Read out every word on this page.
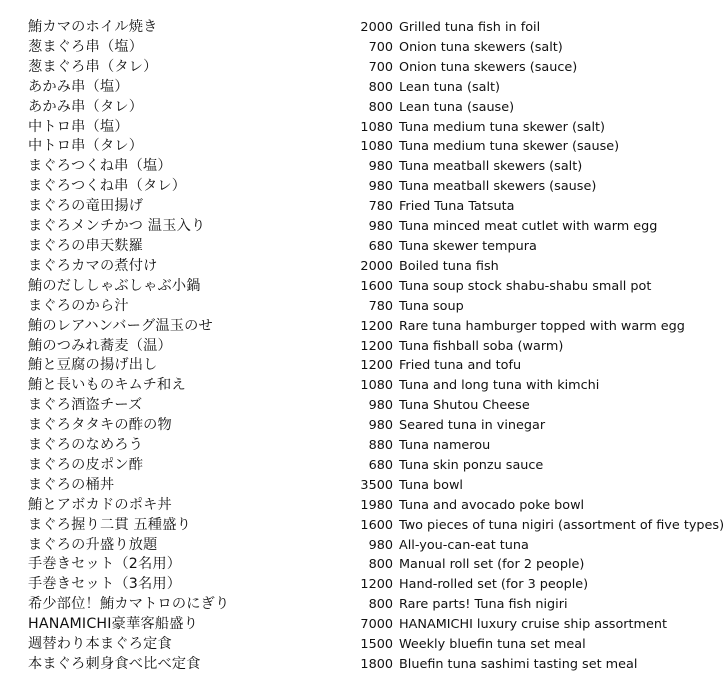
鮪カマのホイル焼き	2000 Grilled tuna fish in foil
葱まぐろ串（塩）	700 Onion tuna skewers (salt)
葱まぐろ串（タレ）	700 Onion tuna skewers (sauce)
あかみ串（塩）	800 Lean tuna (salt)
あかみ串（タレ）	800 Lean tuna (sause)
中トロ串（塩）	1080 Tuna medium tuna skewer (salt)
中トロ串（タレ）	1080 Tuna medium tuna skewer (sause)
まぐろつくね串（塩）	980 Tuna meatball skewers (salt)
まぐろつくね串（タレ）	980 Tuna meatball skewers (sause)
まぐろの竜田揚げ	780 Fried Tuna Tatsuta
まぐろメンチかつ 温玉入り	980 Tuna minced meat cutlet with warm egg
まぐろの串天麩羅	680 Tuna skewer tempura
まぐろカマの煮付け	2000 Boiled tuna fish
鮪のだししゃぶしゃぶ小鍋	1600 Tuna soup stock shabu-shabu small pot
まぐろのから汁	780 Tuna soup
鮪のレアハンバーグ温玉のせ	1200 Rare tuna hamburger topped with warm egg
鮪のつみれ蕎麦（温）	1200 Tuna fishball soba (warm)
鮪と豆腐の揚げ出し	1200 Fried tuna and tofu
鮪と長いものキムチ和え	1080 Tuna and long tuna with kimchi
まぐろ酒盗チーズ	980 Tuna Shutou Cheese
まぐろタタキの酢の物	980 Seared tuna in vinegar
まぐろのなめろう	880 Tuna namerou
まぐろの皮ポン酢	680 Tuna skin ponzu sauce
まぐろの桶丼	3500 Tuna bowl
鮪とアボカドのポキ丼	1980 Tuna and avocado poke bowl
まぐろ握り二貫 五種盛り	1600 Two pieces of tuna nigiri (assortment of five types)
まぐろの升盛り放題	980 All-you-can-eat tuna
手巻きセット（2名用）	800 Manual roll set (for 2 people)
手巻きセット（3名用）	1200 Hand-rolled set (for 3 people)
希少部位！鮪カマトロのにぎり	800 Rare parts! Tuna fish nigiri
HANAMICHI豪華客船盛り	7000 HANAMICHI luxury cruise ship assortment
週替わり本まぐろ定食	1500 Weekly bluefin tuna set meal
本まぐろ刺身食べ比べ定食	1800 Bluefin tuna sashimi tasting set meal
